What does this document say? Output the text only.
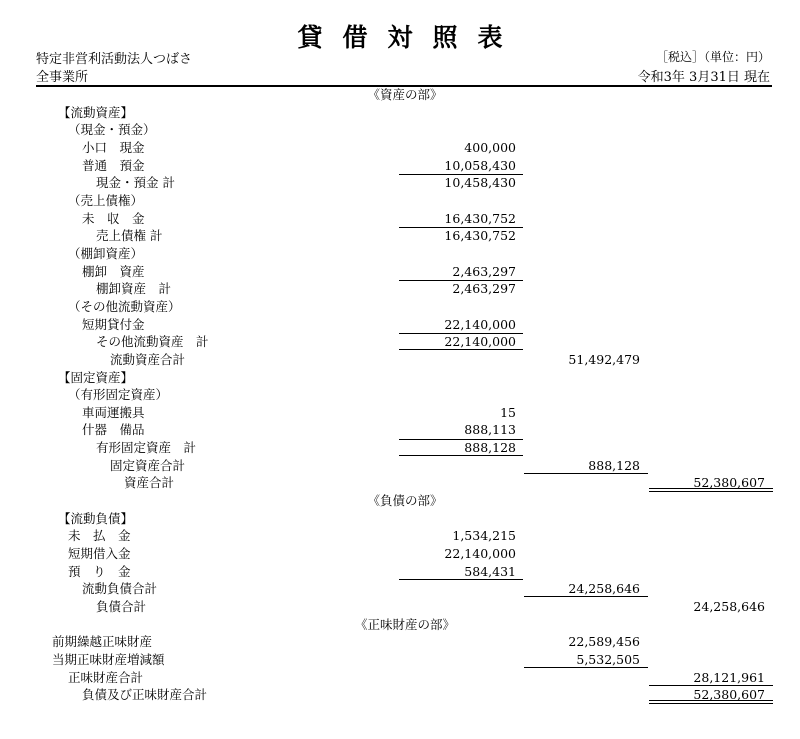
貸借対照表
特定非営利活動法人つばさ	［税込］（単位：円）
全事業所	令和3年 3月31日 現在
《資産の部》
【流動資産】
（現金・預金）
小口　現金	400,000
普通　預金	10,058,430
現金・預金 計	10,458,430
（売上債権）
未　収　金	16,430,752
売上債権 計	16,430,752
（棚卸資産）
棚卸　資産	2,463,297
棚卸資産　計	2,463,297
（その他流動資産）
短期貸付金	22,140,000
その他流動資産　計	22,140,000
流動資産合計	51,492,479
【固定資産】
（有形固定資産）
車両運搬具	15
什器　備品	888,113
有形固定資産　計	888,128
固定資産合計	888,128
資産合計	52,380,607
《負債の部》
【流動負債】
未　払　金	1,534,215
短期借入金	22,140,000
預　り　金	584,431
流動負債合計	24,258,646
負債合計	24,258,646
《正味財産の部》
前期繰越正味財産	22,589,456
当期正味財産増減額	5,532,505
正味財産合計	28,121,961
負債及び正味財産合計	52,380,607
